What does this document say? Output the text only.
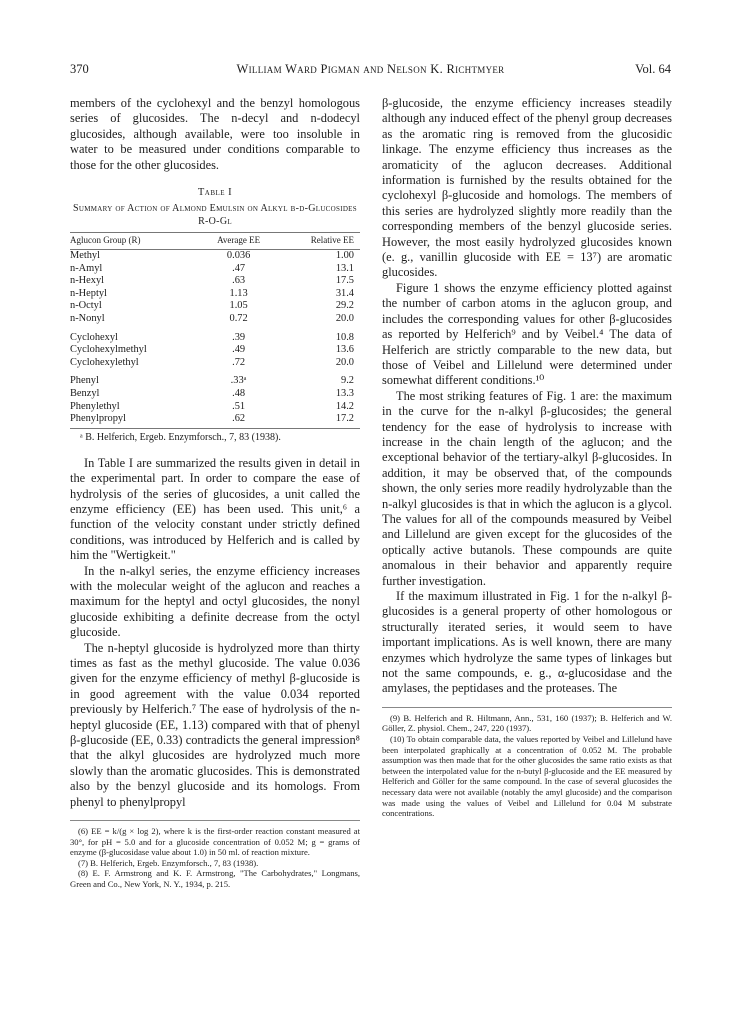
370	William Ward Pigman and Nelson K. Richtmyer	Vol. 64

members of the cyclohexyl and the benzyl homologous series of glucosides. The n-decyl and n-dodecyl glucosides, although available, were too insoluble in water to be measured under conditions comparable to those for the other glucosides.

Table I
Summary of Action of Almond Emulsin on Alkyl β-d-Glucosides R-O-Gl
Aglucon Group (R)	Average EE	Relative EE
Methyl	0.036	1.00
n-Amyl	.47	13.1
n-Hexyl	.63	17.5
n-Heptyl	1.13	31.4
n-Octyl	1.05	29.2
n-Nonyl	0.72	20.0
Cyclohexyl	.39	10.8
Cyclohexylmethyl	.49	13.6
Cyclohexylethyl	.72	20.0
Phenyl	.33ᵃ	9.2
Benzyl	.48	13.3
Phenylethyl	.51	14.2
Phenylpropyl	.62	17.2
ᵃ B. Helferich, Ergeb. Enzymforsch., 7, 83 (1938).

In Table I are summarized the results given in detail in the experimental part. In order to compare the ease of hydrolysis of the series of glucosides, a unit called the enzyme efficiency (EE) has been used. This unit,⁶ a function of the velocity constant under strictly defined conditions, was introduced by Helferich and is called by him the "Wertigkeit."

In the n-alkyl series, the enzyme efficiency increases with the molecular weight of the aglucon and reaches a maximum for the heptyl and octyl glucosides, the nonyl glucoside exhibiting a definite decrease from the octyl glucoside.

The n-heptyl glucoside is hydrolyzed more than thirty times as fast as the methyl glucoside. The value 0.036 given for the enzyme efficiency of methyl β-glucoside is in good agreement with the value 0.034 reported previously by Helferich.⁷ The ease of hydrolysis of the n-heptyl glucoside (EE, 1.13) compared with that of phenyl β-glucoside (EE, 0.33) contradicts the general impression⁸ that the alkyl glucosides are hydrolyzed much more slowly than the aromatic glucosides. This is demonstrated also by the benzyl glucoside and its homologs. From phenyl to phenylpropyl

(6) EE = k/(g × log 2), where k is the first-order reaction constant measured at 30°, for pH = 5.0 and for a glucoside concentration of 0.052 M; g = grams of enzyme (β-glucosidase value about 1.0) in 50 ml. of reaction mixture.
(7) B. Helferich, Ergeb. Enzymforsch., 7, 83 (1938).
(8) E. F. Armstrong and K. F. Armstrong, "The Carbohydrates," Longmans, Green and Co., New York, N. Y., 1934, p. 215.

β-glucoside, the enzyme efficiency increases steadily although any induced effect of the phenyl group decreases as the aromatic ring is removed from the glucosidic linkage. The enzyme efficiency thus increases as the aromaticity of the aglucon decreases. Additional information is furnished by the results obtained for the cyclohexyl β-glucoside and homologs. The members of this series are hydrolyzed slightly more readily than the corresponding members of the benzyl glucoside series. However, the most easily hydrolyzed glucosides known (e. g., vanillin glucoside with EE = 13⁷) are aromatic glucosides.

Figure 1 shows the enzyme efficiency plotted against the number of carbon atoms in the aglucon group, and includes the corresponding values for other β-glucosides as reported by Helferich⁹ and by Veibel.⁴ The data of Helferich are strictly comparable to the new data, but those of Veibel and Lillelund were determined under somewhat different conditions.¹⁰

The most striking features of Fig. 1 are: the maximum in the curve for the n-alkyl β-glucosides; the general tendency for the ease of hydrolysis to increase with increase in the chain length of the aglucon; and the exceptional behavior of the tertiary-alkyl β-glucosides. In addition, it may be observed that, of the compounds shown, the only series more readily hydrolyzable than the n-alkyl glucosides is that in which the aglucon is a glycol. The values for all of the compounds measured by Veibel and Lillelund are given except for the glucosides of the optically active butanols. These compounds are quite anomalous in their behavior and apparently require further investigation.

If the maximum illustrated in Fig. 1 for the n-alkyl β-glucosides is a general property of other homologous or structurally iterated series, it would seem to have important implications. As is well known, there are many enzymes which hydrolyze the same types of linkages but not the same compounds, e. g., α-glucosidase and the amylases, the peptidases and the proteases. The

(9) B. Helferich and R. Hiltmann, Ann., 531, 160 (1937); B. Helferich and W. Göller, Z. physiol. Chem., 247, 220 (1937).
(10) To obtain comparable data, the values reported by Veibel and Lillelund have been interpolated graphically at a concentration of 0.052 M. The probable assumption was then made that for the other glucosides the same ratio exists as that between the interpolated value for the n-butyl β-glucoside and the EE measured by Helferich and Göller for the same compound. In the case of several glucosides the necessary data were not available (notably the amyl glucoside) and the comparison was made using the values of Veibel and Lillelund for 0.04 M substrate concentrations.
